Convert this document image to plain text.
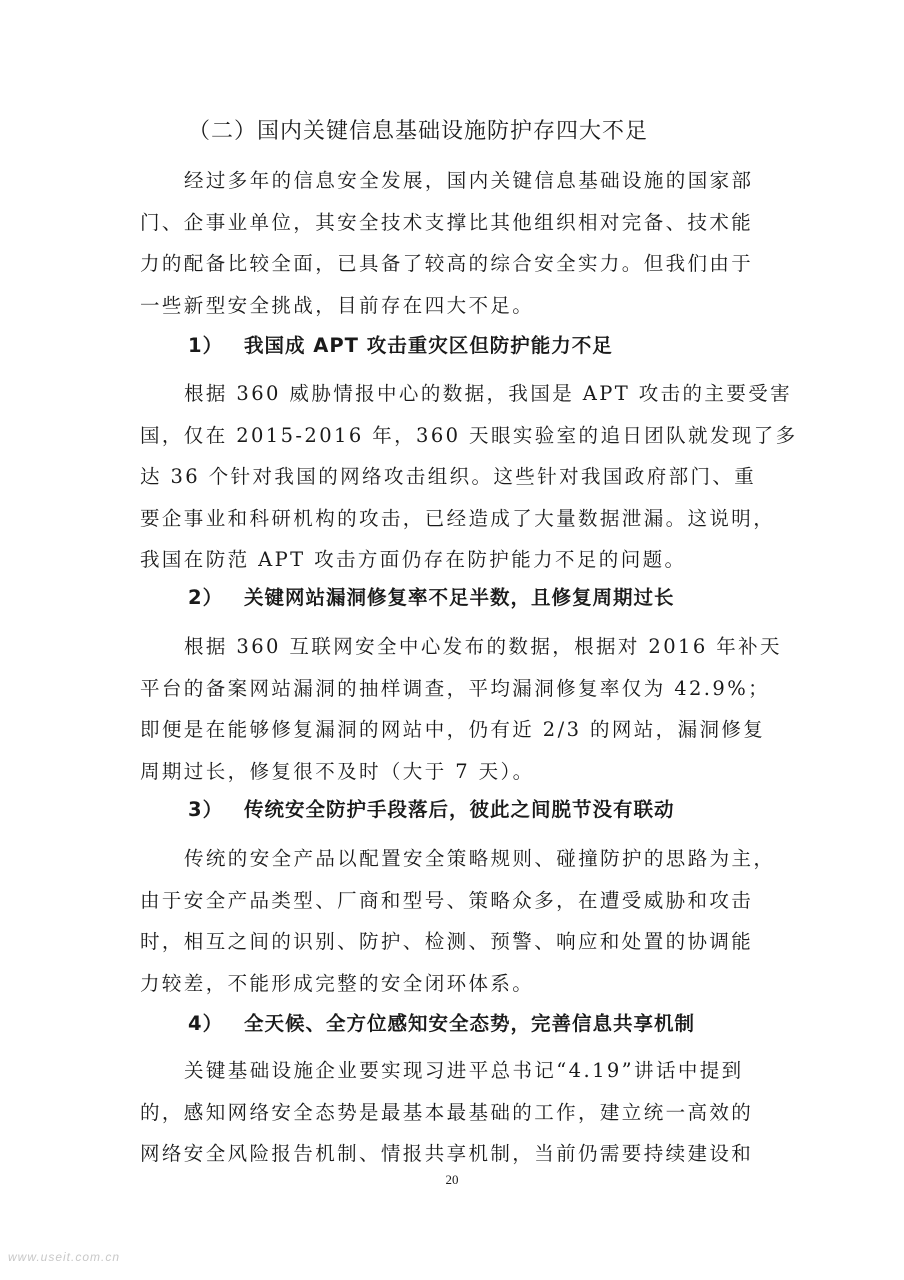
（二）国内关键信息基础设施防护存四大不足
经过多年的信息安全发展，国内关键信息基础设施的国家部
门、企事业单位，其安全技术支撑比其他组织相对完备、技术能
力的配备比较全面，已具备了较高的综合安全实力。但我们由于
一些新型安全挑战，目前存在四大不足。
1） 我国成 APT 攻击重灾区但防护能力不足
根据 360 威胁情报中心的数据，我国是 APT 攻击的主要受害
国，仅在 2015-2016 年，360 天眼实验室的追日团队就发现了多
达 36 个针对我国的网络攻击组织。这些针对我国政府部门、重
要企事业和科研机构的攻击，已经造成了大量数据泄漏。这说明，
我国在防范 APT 攻击方面仍存在防护能力不足的问题。
2） 关键网站漏洞修复率不足半数，且修复周期过长
根据 360 互联网安全中心发布的数据，根据对 2016 年补天
平台的备案网站漏洞的抽样调查，平均漏洞修复率仅为 42.9%；
即便是在能够修复漏洞的网站中，仍有近 2/3 的网站，漏洞修复
周期过长，修复很不及时（大于 7 天）。
3） 传统安全防护手段落后，彼此之间脱节没有联动
传统的安全产品以配置安全策略规则、碰撞防护的思路为主，
由于安全产品类型、厂商和型号、策略众多，在遭受威胁和攻击
时，相互之间的识别、防护、检测、预警、响应和处置的协调能
力较差，不能形成完整的安全闭环体系。
4） 全天候、全方位感知安全态势，完善信息共享机制
关键基础设施企业要实现习进平总书记“4.19”讲话中提到
的，感知网络安全态势是最基本最基础的工作，建立统一高效的
网络安全风险报告机制、情报共享机制，当前仍需要持续建设和
20
www.useit.com.cn
